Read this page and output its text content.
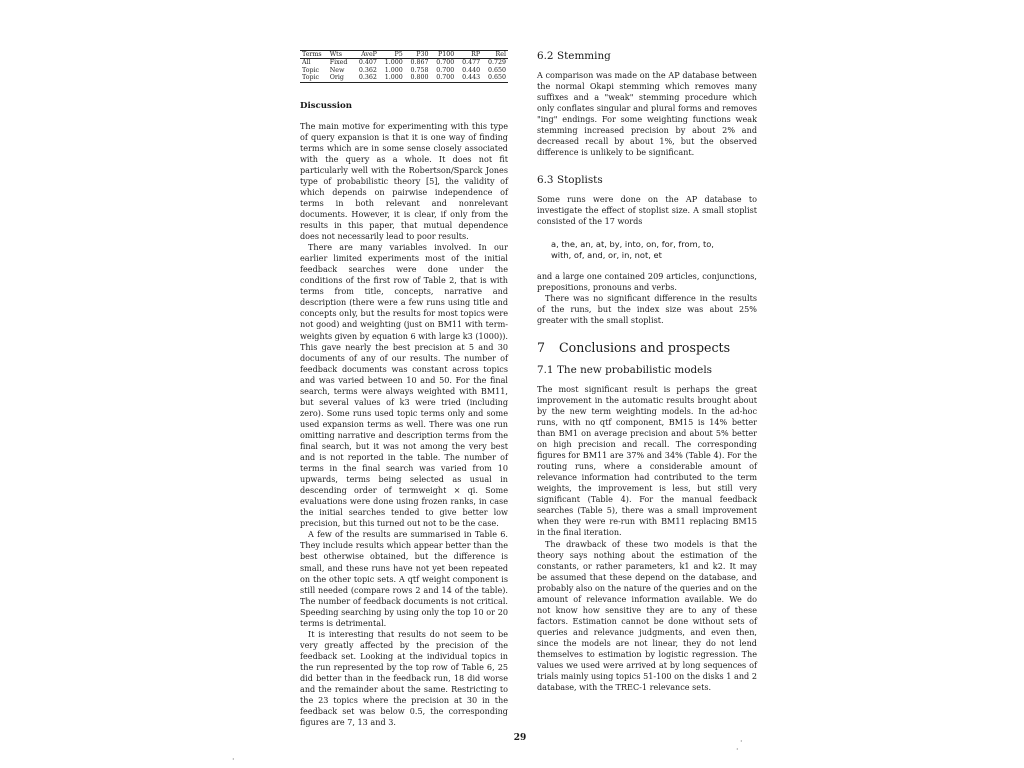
Terms	Wts	AveP	P5	P30	P100	RP	Rel
All	Fixed	0.407	1.000	0.867	0.700	0.477	0.729
Topic	New	0.362	1.000	0.758	0.700	0.440	0.650
Topic	Orig	0.362	1.000	0.800	0.700	0.443	0.650
Discussion

The main motive for experimenting with this type of query expansion is that it is one way of finding terms which are in some sense closely associated with the query as a whole. It does not fit particularly well with the Robertson/Sparck Jones type of probabilistic theory [5], the validity of which depends on pairwise independence of terms in both relevant and nonrelevant documents. However, it is clear, if only from the results in this paper, that mutual dependence does not necessarily lead to poor results.

There are many variables involved. In our earlier limited experiments most of the initial feedback searches were done under the conditions of the first row of Table 2, that is with terms from title, concepts, narrative and description (there were a few runs using title and concepts only, but the results for most topics were not good) and weighting (just on BM11 with term-weights given by equation 6 with large k3 (1000)). This gave nearly the best precision at 5 and 30 documents of any of our results. The number of feedback documents was constant across topics and was varied between 10 and 50. For the final search, terms were always weighted with BM11, but several values of k3 were tried (including zero). Some runs used topic terms only and some used expansion terms as well. There was one run omitting narrative and description terms from the final search, but it was not among the very best and is not reported in the table. The number of terms in the final search was varied from 10 upwards, terms being selected as usual in descending order of termweight × qi. Some evaluations were done using frozen ranks, in case the initial searches tended to give better low precision, but this turned out not to be the case.

A few of the results are summarised in Table 6. They include results which appear better than the best otherwise obtained, but the difference is small, and these runs have not yet been repeated on the other topic sets. A qtf weight component is still needed (compare rows 2 and 14 of the table). The number of feedback documents is not critical. Speeding searching by using only the top 10 or 20 terms is detrimental.

It is interesting that results do not seem to be very greatly affected by the precision of the feedback set. Looking at the individual topics in the run represented by the top row of Table 6, 25 did better than in the feedback run, 18 did worse and the remainder about the same. Restricting to the 23 topics where the precision at 30 in the feedback set was below 0.5, the corresponding figures are 7, 13 and 3.

6.2 Stemming

A comparison was made on the AP database between the normal Okapi stemming which removes many suffixes and a "weak" stemming procedure which only conflates singular and plural forms and removes "ing" endings. For some weighting functions weak stemming increased precision by about 2% and decreased recall by about 1%, but the observed difference is unlikely to be significant.

6.3 Stoplists

Some runs were done on the AP database to investigate the effect of stoplist size. A small stoplist consisted of the 17 words

a, the, an, at, by, into, on, for, from, to,
with, of, and, or, in, not, et

and a large one contained 209 articles, conjunctions, prepositions, pronouns and verbs.

There was no significant difference in the results of the runs, but the index size was about 25% greater with the small stoplist.

7 Conclusions and prospects
7.1 The new probabilistic models

The most significant result is perhaps the great improvement in the automatic results brought about by the new term weighting models. In the ad-hoc runs, with no qtf component, BM15 is 14% better than BM1 on average precision and about 5% better on high precision and recall. The corresponding figures for BM11 are 37% and 34% (Table 4). For the routing runs, where a considerable amount of relevance information had contributed to the term weights, the improvement is less, but still very significant (Table 4). For the manual feedback searches (Table 5), there was a small improvement when they were re-run with BM11 replacing BM15 in the final iteration.

The drawback of these two models is that the theory says nothing about the estimation of the constants, or rather parameters, k1 and k2. It may be assumed that these depend on the database, and probably also on the nature of the queries and on the amount of relevance information available. We do not know how sensitive they are to any of these factors. Estimation cannot be done without sets of queries and relevance judgments, and even then, since the models are not linear, they do not lend themselves to estimation by logistic regression. The values we used were arrived at by long sequences of trials mainly using topics 51-100 on the disks 1 and 2 database, with the TREC-1 relevance sets.

29	·
·
·
